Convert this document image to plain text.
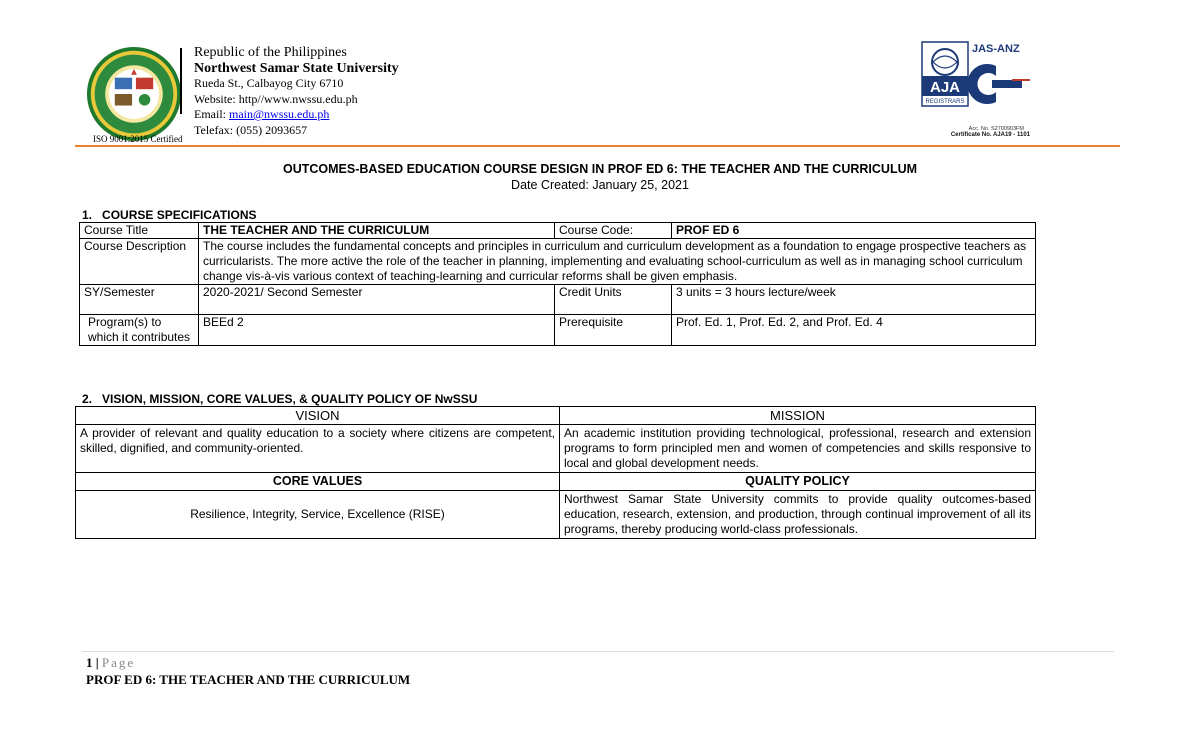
Republic of the Philippines
Northwest Samar State University
Rueda St., Calbayog City 6710
Website: http//www.nwssu.edu.ph
Email: main@nwssu.edu.ph
Telefax: (055) 2093657
ISO 9001:2015 Certified
AJA
REGISTRARS
JAS-ANZ
Acc. No. S2700903FM
Certificate No. AJA19 - 1101
OUTCOMES-BASED EDUCATION COURSE DESIGN IN PROF ED 6: THE TEACHER AND THE CURRICULUM
Date Created: January 25, 2021
1. COURSE SPECIFICATIONS
Course Title	THE TEACHER AND THE CURRICULUM	Course Code:	PROF ED 6
Course Description	The course includes the fundamental concepts and principles in curriculum and curriculum development as a foundation to engage prospective teachers as curricularists. The more active the role of the teacher in planning, implementing and evaluating school-curriculum as well as in managing school curriculum change vis-à-vis various context of teaching-learning and curricular reforms shall be given emphasis.		
SY/Semester	2020-2021/ Second Semester	Credit Units	3 units = 3 hours lecture/week
Program(s) to which it contributes	BEEd 2	Prerequisite	Prof. Ed. 1, Prof. Ed. 2, and Prof. Ed. 4
2. VISION, MISSION, CORE VALUES, & QUALITY POLICY OF NwSSU
VISION	MISSION
A provider of relevant and quality education to a society where citizens are competent, skilled, dignified, and community-oriented.	An academic institution providing technological, professional, research and extension programs to form principled men and women of competencies and skills responsive to local and global development needs.
CORE VALUES	QUALITY POLICY
Resilience, Integrity, Service, Excellence (RISE)	Northwest Samar State University commits to provide quality outcomes-based education, research, extension, and production, through continual improvement of all its programs, thereby producing world-class professionals.
1 | Page
PROF ED 6: THE TEACHER AND THE CURRICULUM
